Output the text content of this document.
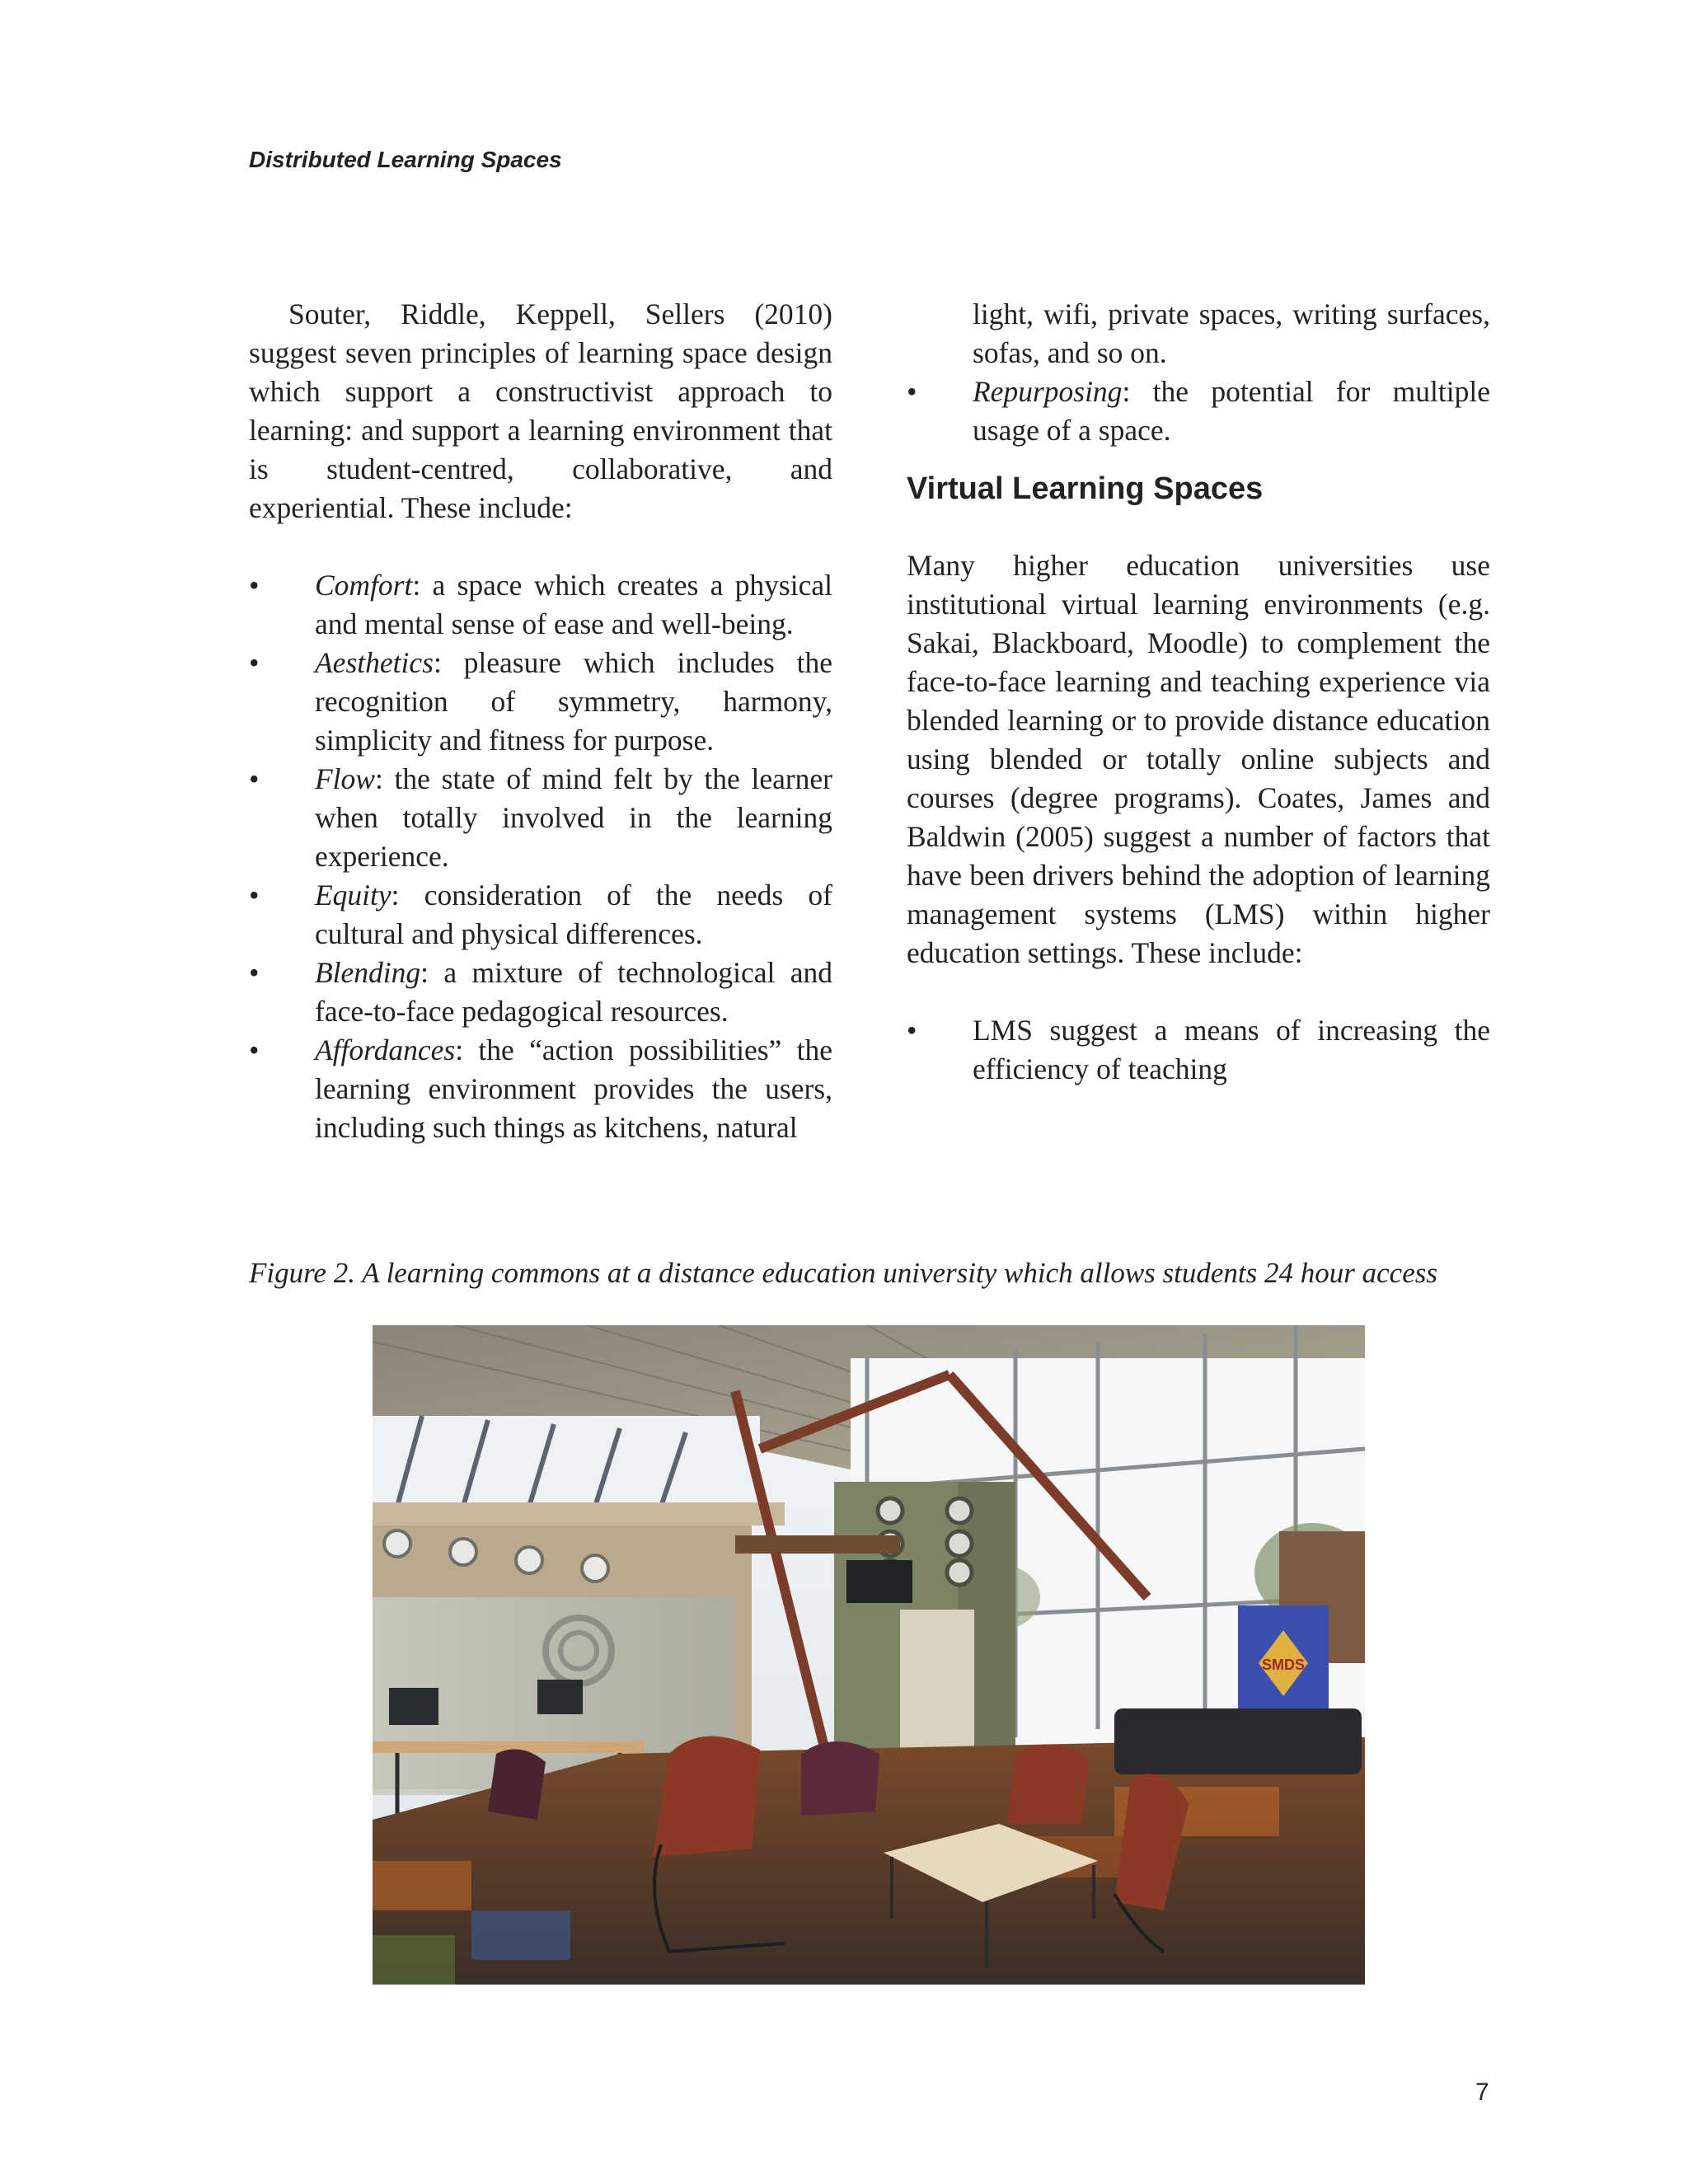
Distributed Learning Spaces

Souter, Riddle, Keppell, Sellers (2010) suggest seven principles of learning space design which support a constructivist approach to learning: and support a learning environment that is student-centred, collaborative, and experiential. These include:

• Comfort: a space which creates a physical and mental sense of ease and well-being.
• Aesthetics: pleasure which includes the recognition of symmetry, harmony, simplicity and fitness for purpose.
• Flow: the state of mind felt by the learner when totally involved in the learning experience.
• Equity: consideration of the needs of cultural and physical differences.
• Blending: a mixture of technological and face-to-face pedagogical resources.
• Affordances: the “action possibilities” the learning environment provides the users, including such things as kitchens, natural
light, wifi, private spaces, writing surfaces, sofas, and so on.
• Repurposing: the potential for multiple usage of a space.
Virtual Learning Spaces

Many higher education universities use institutional virtual learning environments (e.g. Sakai, Blackboard, Moodle) to complement the face-to-face learning and teaching experience via blended learning or to provide distance education using blended or totally online subjects and courses (degree programs). Coates, James and Baldwin (2005) suggest a number of factors that have been drivers behind the adoption of learning management systems (LMS) within higher education settings. These include:

• LMS suggest a means of increasing the efficiency of teaching
Figure 2. A learning commons at a distance education university which allows students 24 hour access
SMDS
7
